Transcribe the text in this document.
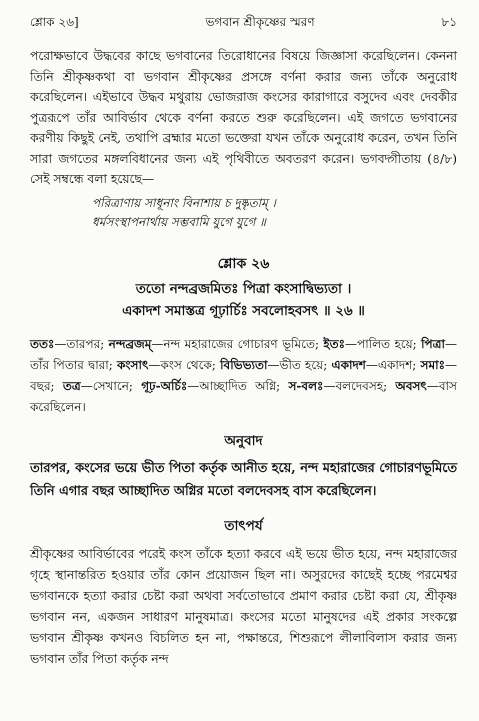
শ্লোক ২৬]	ভগবান শ্রীকৃষ্ণের স্মরণ	৮১

পরোক্ষভাবে উদ্ধবের কাছে ভগবানের তিরোধানের বিষয়ে জিজ্ঞাসা করেছিলেন। কেননা তিনি শ্রীকৃষ্ণকথা বা ভগবান শ্রীকৃষ্ণের প্রসঙ্গে বর্ণনা করার জন্য তাঁকে অনুরোধ করেছিলেন। এইভাবে উদ্ধব মথুরায় ভোজরাজ কংসের কারাগারে বসুদেব এবং দেবকীর পুত্ররূপে তাঁর আবির্ভাব থেকে বর্ণনা করতে শুরু করেছিলেন। এই জগতে ভগবানের করণীয় কিছুই নেই, তথাপি ব্রহ্মার মতো ভক্তেরা যখন তাঁকে অনুরোধ করেন, তখন তিনি সারা জগতের মঙ্গলবিধানের জন্য এই পৃথিবীতে অবতরণ করেন। ভগবদ্গীতায় (৪/৮) সেই সম্বন্ধে বলা হয়েছে—

পরিত্রাণায় সাধূনাং বিনাশায় চ দুষ্কৃতাম্ ।
ধর্মসংস্থাপনার্থায় সম্ভবামি যুগে যুগে ॥
শ্লোক ২৬
ততো নন্দব্রজমিতঃ পিত্রা কংসাদ্বিভ্যতা ।
একাদশ সমাস্তত্র গূঢ়ার্চিঃ সবলোহবসৎ ॥ ২৬ ॥
ততঃ—তারপর; নন্দব্রজম্—নন্দ মহারাজের গোচারণ ভূমিতে; ইতঃ—পালিত হয়ে; পিত্রা—তাঁর পিতার দ্বারা; কংসাৎ—কংস থেকে; বিভিভ্যতা—ভীত হয়ে; একাদশ—একাদশ; সমাঃ—বছর; তত্র—সেখানে; গূঢ়-অর্চিঃ—আচ্ছাদিত অগ্নি; স-বলঃ—বলদেবসহ; অবসৎ—বাস করেছিলেন।
অনুবাদ
তারপর, কংসের ভয়ে ভীত পিতা কর্তৃক আনীত হয়ে, নন্দ মহারাজের গোচারণভূমিতে তিনি এগার বছর আচ্ছাদিত অগ্নির মতো বলদেবসহ বাস করেছিলেন।
তাৎপর্য
শ্রীকৃষ্ণের আবির্ভাবের পরেই কংস তাঁকে হত্যা করবে এই ভয়ে ভীত হয়ে, নন্দ মহারাজের গৃহে স্থানান্তরিত হওয়ার তাঁর কোন প্রয়োজন ছিল না। অসুরদের কাছেই হচ্ছে পরমেশ্বর ভগবানকে হত্যা করার চেষ্টা করা অথবা সর্বতোভাবে প্রমাণ করার চেষ্টা করা যে, শ্রীকৃষ্ণ ভগবান নন, একজন সাধারণ মানুষমাত্র। কংসের মতো মানুষদের এই প্রকার সংকল্পে ভগবান শ্রীকৃষ্ণ কখনও বিচলিত হন না, পক্ষান্তরে, শিশুরূপে লীলাবিলাস করার জন্য ভগবান তাঁর পিতা কর্তৃক নন্দ
